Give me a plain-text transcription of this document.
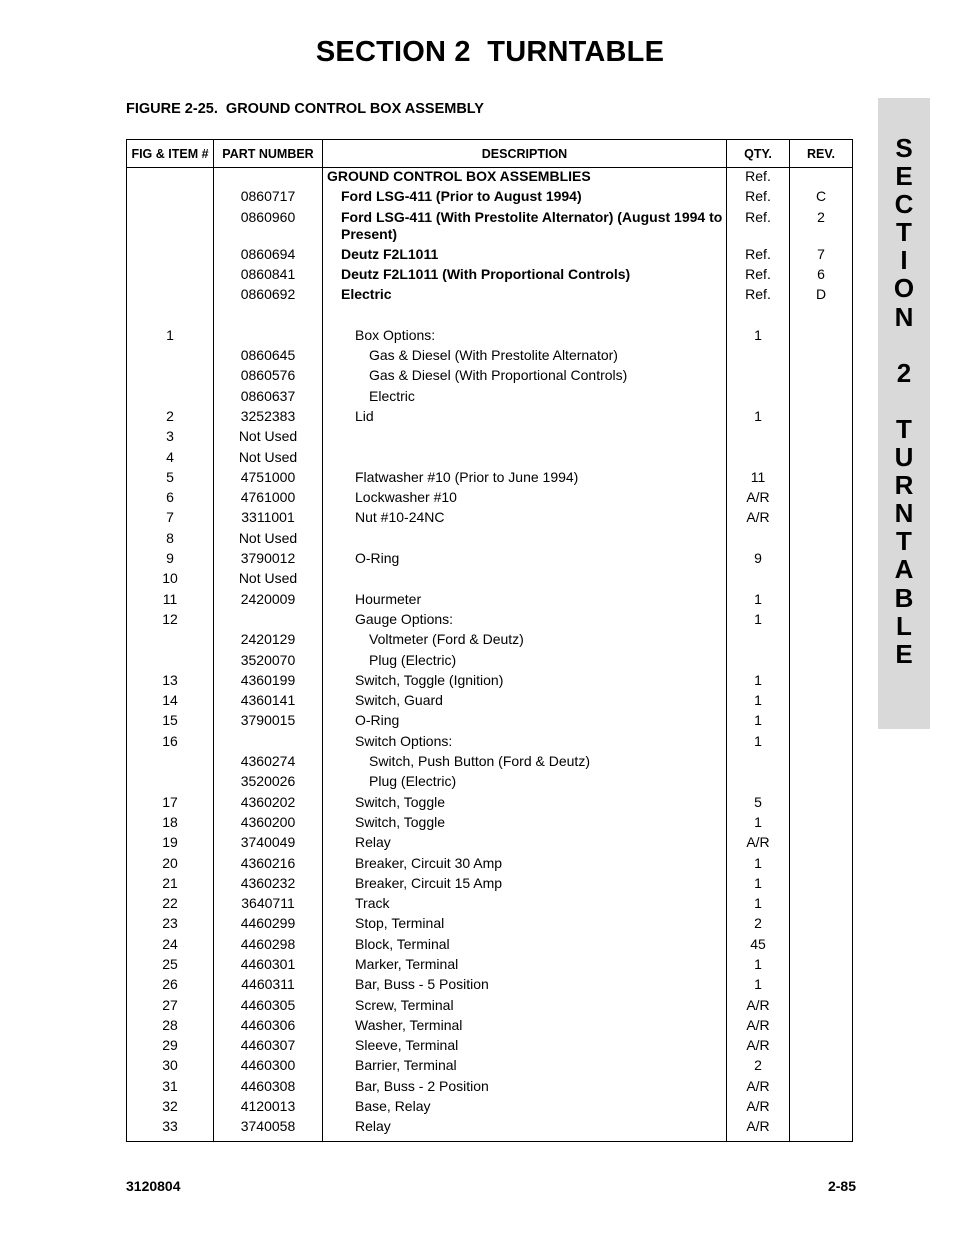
SECTION 2  TURNTABLE
FIGURE 2-25.  GROUND CONTROL BOX ASSEMBLY
S
E
C
T
I
O
N
2
T
U
R
N
T
A
B
L
E
FIG & ITEM #	PART NUMBER	DESCRIPTION	QTY.	REV.
		GROUND CONTROL BOX ASSEMBLIES	Ref.	
	0860717	Ford LSG-411 (Prior to August 1994)	Ref.	C
	0860960	Ford LSG-411 (With Prestolite Alternator) (August 1994 to Present)	Ref.	2
	0860694	Deutz F2L1011	Ref.	7
	0860841	Deutz F2L1011 (With Proportional Controls)	Ref.	6
	0860692	Electric	Ref.	D

1		Box Options:	1	
	0860645	Gas & Diesel (With Prestolite Alternator)		
	0860576	Gas & Diesel (With Proportional Controls)		
	0860637	Electric		
2	3252383	Lid	1	
3	Not Used			
4	Not Used			
5	4751000	Flatwasher #10 (Prior to June 1994)	11	
6	4761000	Lockwasher #10	A/R	
7	3311001	Nut #10-24NC	A/R	
8	Not Used			
9	3790012	O-Ring	9	
10	Not Used			
11	2420009	Hourmeter	1	
12		Gauge Options:	1	
	2420129	Voltmeter (Ford & Deutz)		
	3520070	Plug (Electric)		
13	4360199	Switch, Toggle (Ignition)	1	
14	4360141	Switch, Guard	1	
15	3790015	O-Ring	1	
16		Switch Options:	1	
	4360274	Switch, Push Button (Ford & Deutz)		
	3520026	Plug (Electric)		
17	4360202	Switch, Toggle	5	
18	4360200	Switch, Toggle	1	
19	3740049	Relay	A/R	
20	4360216	Breaker, Circuit 30 Amp	1	
21	4360232	Breaker, Circuit 15 Amp	1	
22	3640711	Track	1	
23	4460299	Stop, Terminal	2	
24	4460298	Block, Terminal	45	
25	4460301	Marker, Terminal	1	
26	4460311	Bar, Buss - 5 Position	1	
27	4460305	Screw, Terminal	A/R	
28	4460306	Washer, Terminal	A/R	
29	4460307	Sleeve, Terminal	A/R	
30	4460300	Barrier, Terminal	2	
31	4460308	Bar, Buss - 2 Position	A/R	
32	4120013	Base, Relay	A/R	
33	3740058	Relay	A/R	
3120804	2-85
